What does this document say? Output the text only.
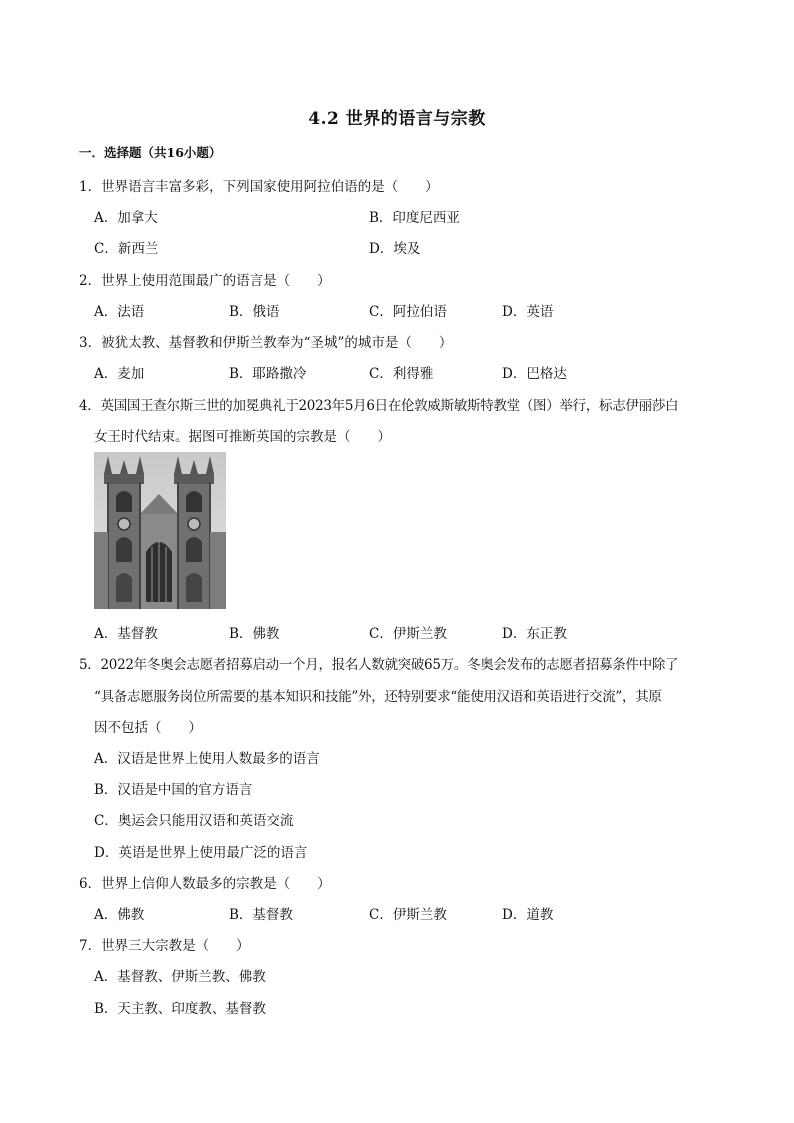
4.2 世界的语言与宗教
一．选择题（共16小题）
1．世界语言丰富多彩，下列国家使用阿拉伯语的是（　　）
A．加拿大	B．印度尼西亚
C．新西兰	D．埃及
2．世界上使用范围最广的语言是（　　）
A．法语	B．俄语	C．阿拉伯语	D．英语
3．被犹太教、基督教和伊斯兰教奉为“圣城”的城市是（　　）
A．麦加	B．耶路撒冷	C．利得雅	D．巴格达
4．英国国王查尔斯三世的加冕典礼于2023年5月6日在伦敦威斯敏斯特教堂（图）举行，标志伊丽莎白
女王时代结束。据图可推断英国的宗教是（　　）
A．基督教	B．佛教	C．伊斯兰教	D．东正教
5．2022年冬奥会志愿者招募启动一个月，报名人数就突破65万。冬奥会发布的志愿者招募条件中除了
“具备志愿服务岗位所需要的基本知识和技能”外，还特别要求“能使用汉语和英语进行交流”，其原
因不包括（　　）
A．汉语是世界上使用人数最多的语言
B．汉语是中国的官方语言
C．奥运会只能用汉语和英语交流
D．英语是世界上使用最广泛的语言
6．世界上信仰人数最多的宗教是（　　）
A．佛教	B．基督教	C．伊斯兰教	D．道教
7．世界三大宗教是（　　）
A．基督教、伊斯兰教、佛教
B．天主教、印度教、基督教
